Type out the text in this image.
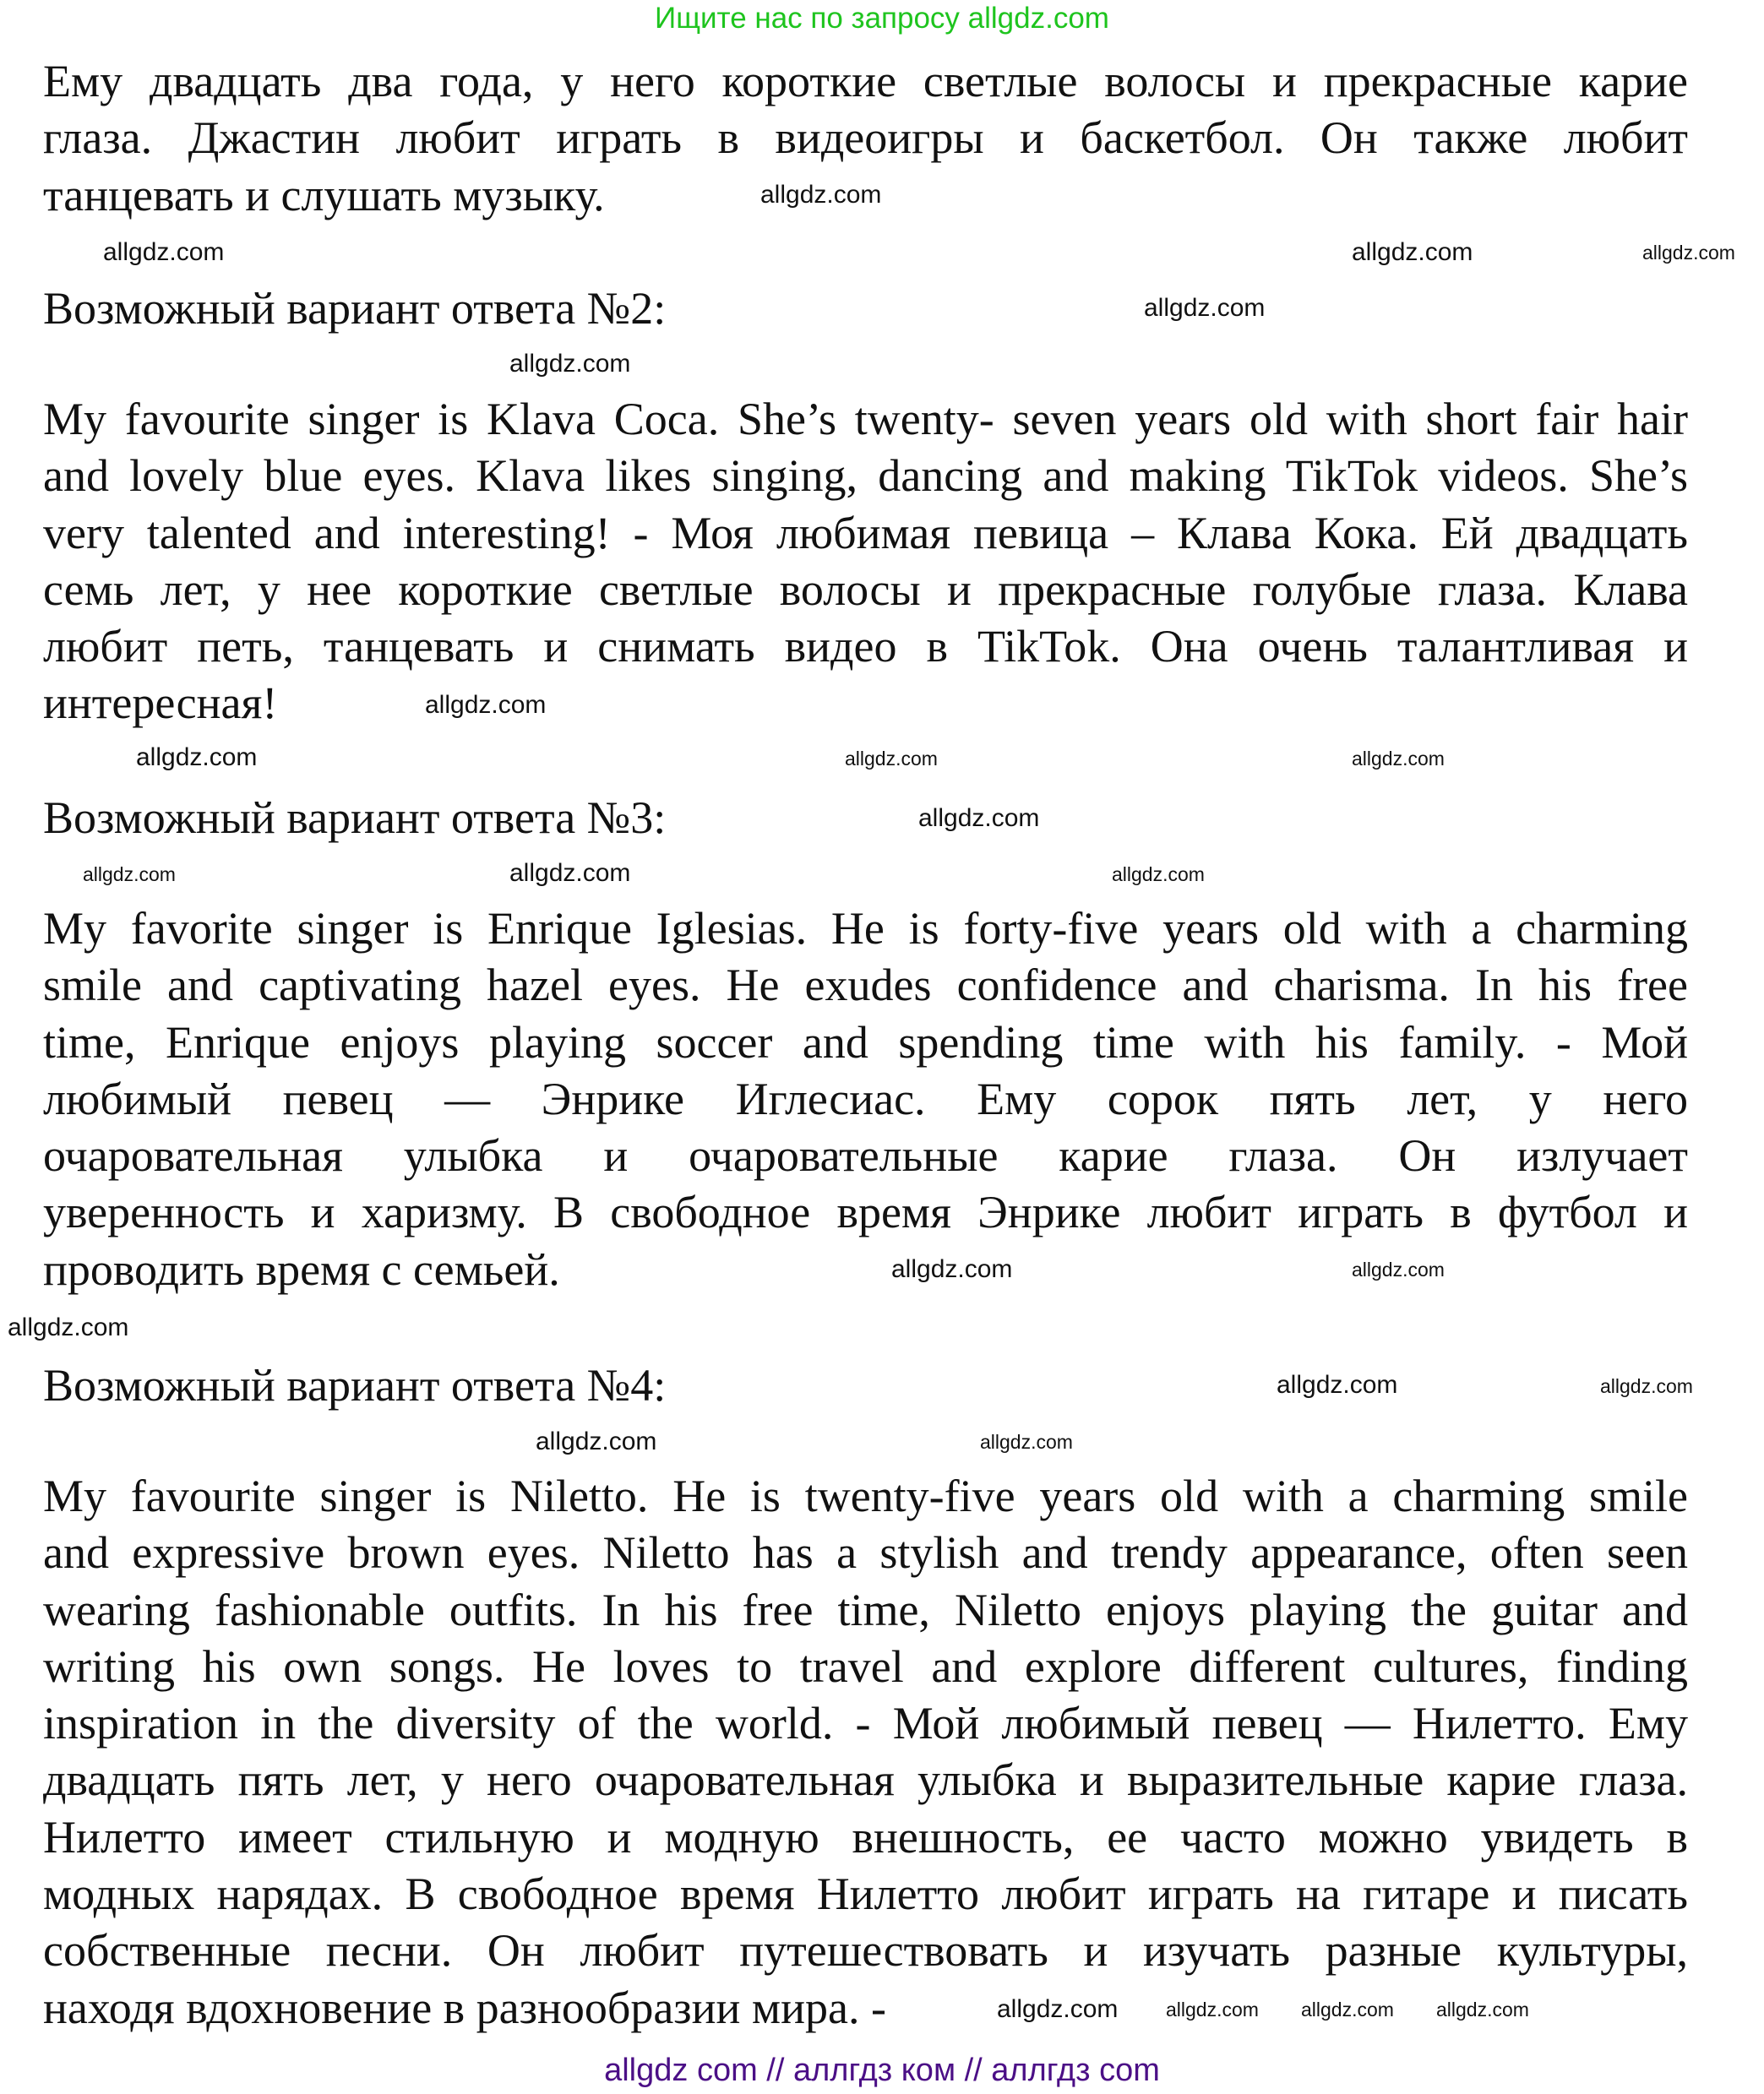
Ищите нас по запросу allgdz.com
Ему двадцать два года, у него короткие светлые волосы и прекрасные карие
глаза. Джастин любит играть в видеоигры и баскетбол. Он также любит
танцевать и слушать музыку.
Возможный вариант ответа №2:
My favourite singer is Klava Coca. She’s twenty- seven years old with short fair hair
and lovely blue eyes. Klava likes singing, dancing and making TikTok videos. She’s
very talented and interesting! - Моя любимая певица – Клава Кока. Ей двадцать
семь лет, у нее короткие светлые волосы и прекрасные голубые глаза. Клава
любит петь, танцевать и снимать видео в TikTok. Она очень талантливая и
интересная!
Возможный вариант ответа №3:
My favorite singer is Enrique Iglesias. He is forty-five years old with a charming
smile and captivating hazel eyes. He exudes confidence and charisma. In his free
time, Enrique enjoys playing soccer and spending time with his family. - Мой
любимый певец — Энрике Иглесиас. Ему сорок пять лет, у него
очаровательная улыбка и очаровательные карие глаза. Он излучает
уверенность и харизму. В свободное время Энрике любит играть в футбол и
проводить время с семьей.
Возможный вариант ответа №4:
My favourite singer is Niletto. He is twenty-five years old with a charming smile
and expressive brown eyes. Niletto has a stylish and trendy appearance, often seen
wearing fashionable outfits. In his free time, Niletto enjoys playing the guitar and
writing his own songs. He loves to travel and explore different cultures, finding
inspiration in the diversity of the world. - Мой любимый певец — Нилетто. Ему
двадцать пять лет, у него очаровательная улыбка и выразительные карие глаза.
Нилетто имеет стильную и модную внешность, ее часто можно увидеть в
модных нарядах. В свободное время Нилетто любит играть на гитаре и писать
собственные песни. Он любит путешествовать и изучать разные культуры,
находя вдохновение в разнообразии мира. -
allgdz.com
allgdz.com	allgdz.com	allgdz.com
allgdz.com
allgdz.com
allgdz.com
allgdz.com	allgdz.com	allgdz.com
allgdz.com
allgdz.com	allgdz.com
allgdz.com
allgdz.com	allgdz.com
allgdz.com
allgdz.com	allgdz.com
allgdz.com	allgdz.com
allgdz.com allgdz.com allgdz.com allgdz.com
allgdz com // аллгдз ком // аллгдз com
